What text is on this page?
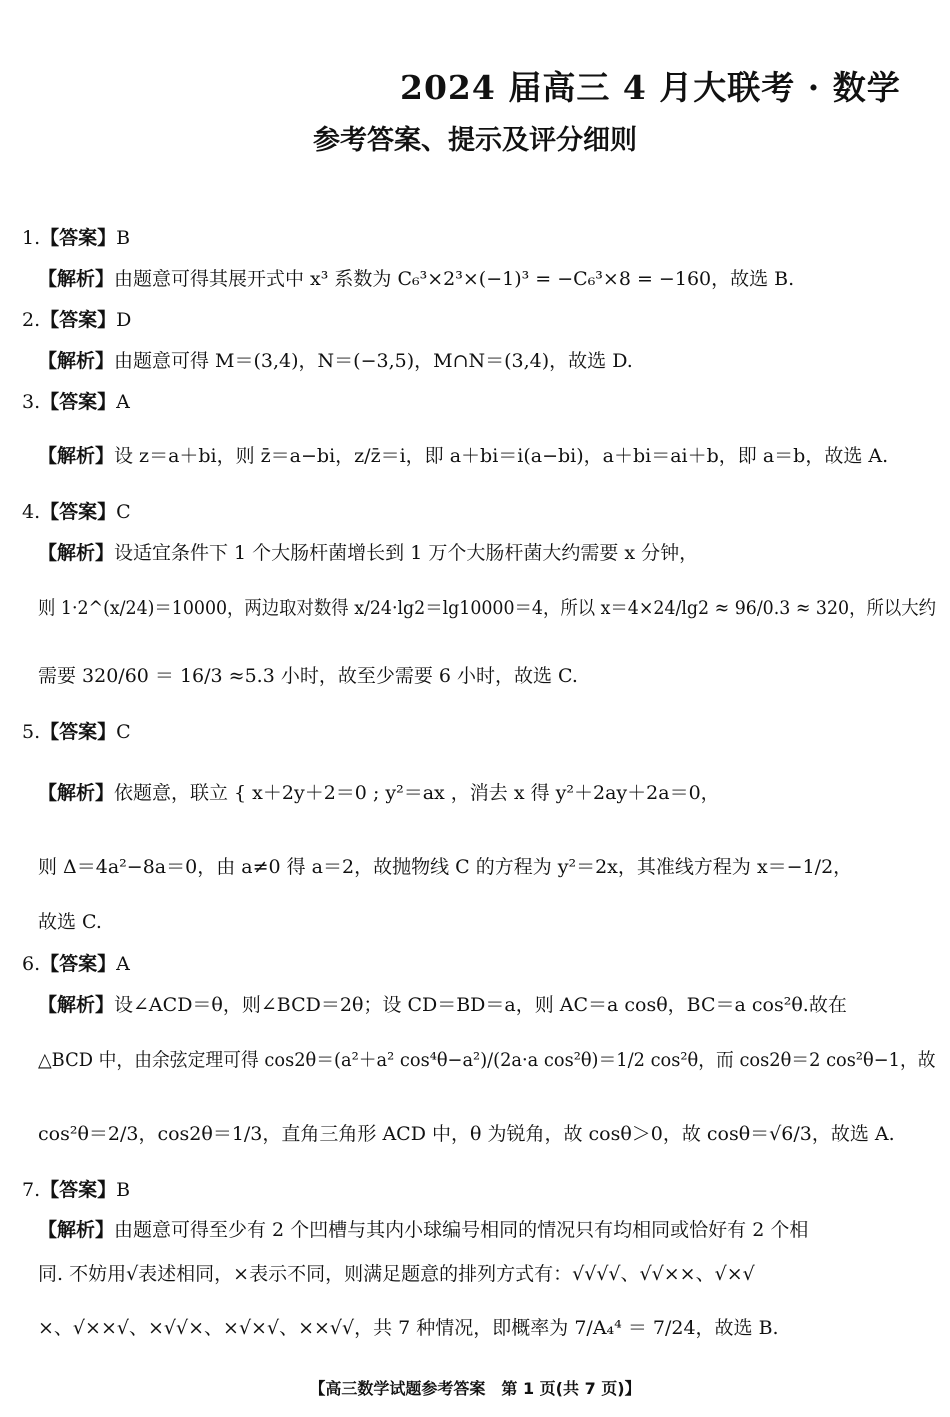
2024 届高三 4 月大联考 · 数学
参考答案、提示及评分细则
1.【答案】B
【解析】由题意可得其展开式中 x³ 系数为 C₆³×2³×(−1)³ = −C₆³×8 = −160，故选 B.
2.【答案】D
【解析】由题意可得 M＝(3,4)，N＝(−3,5)，M∩N＝(3,4)，故选 D.
3.【答案】A
【解析】设 z＝a＋bi，则 z̄＝a−bi，z/z̄＝i，即 a＋bi＝i(a−bi)，a＋bi＝ai＋b，即 a＝b，故选 A.
4.【答案】C
【解析】设适宜条件下 1 个大肠杆菌增长到 1 万个大肠杆菌大约需要 x 分钟，
则 1·2^(x/24)＝10000，两边取对数得 x/24·lg2＝lg10000＝4，所以 x＝4×24/lg2 ≈ 96/0.3 ≈ 320，所以大约
需要 320/60 ＝ 16/3 ≈5.3 小时，故至少需要 6 小时，故选 C.
5.【答案】C
【解析】依题意，联立 { x＋2y＋2＝0 ; y²＝ax ，消去 x 得 y²＋2ay＋2a＝0，
则 Δ＝4a²−8a＝0，由 a≠0 得 a＝2，故抛物线 C 的方程为 y²＝2x，其准线方程为 x＝−1/2，
故选 C.
6.【答案】A
【解析】设∠ACD＝θ，则∠BCD＝2θ；设 CD＝BD＝a，则 AC＝a cosθ，BC＝a cos²θ.故在
△BCD 中，由余弦定理可得 cos2θ＝(a²＋a² cos⁴θ−a²)/(2a·a cos²θ)＝1/2 cos²θ，而 cos2θ＝2 cos²θ−1，故
cos²θ＝2/3，cos2θ＝1/3，直角三角形 ACD 中，θ 为锐角，故 cosθ＞0，故 cosθ＝√6/3，故选 A.
7.【答案】B
【解析】由题意可得至少有 2 个凹槽与其内小球编号相同的情况只有均相同或恰好有 2 个相
同. 不妨用√表述相同，×表示不同，则满足题意的排列方式有：√√√√、√√××、√×√
×、√××√、×√√×、×√×√、××√√，共 7 种情况，即概率为 7/A₄⁴ ＝ 7/24，故选 B.
【高三数学试题参考答案　第 1 页(共 7 页)】
